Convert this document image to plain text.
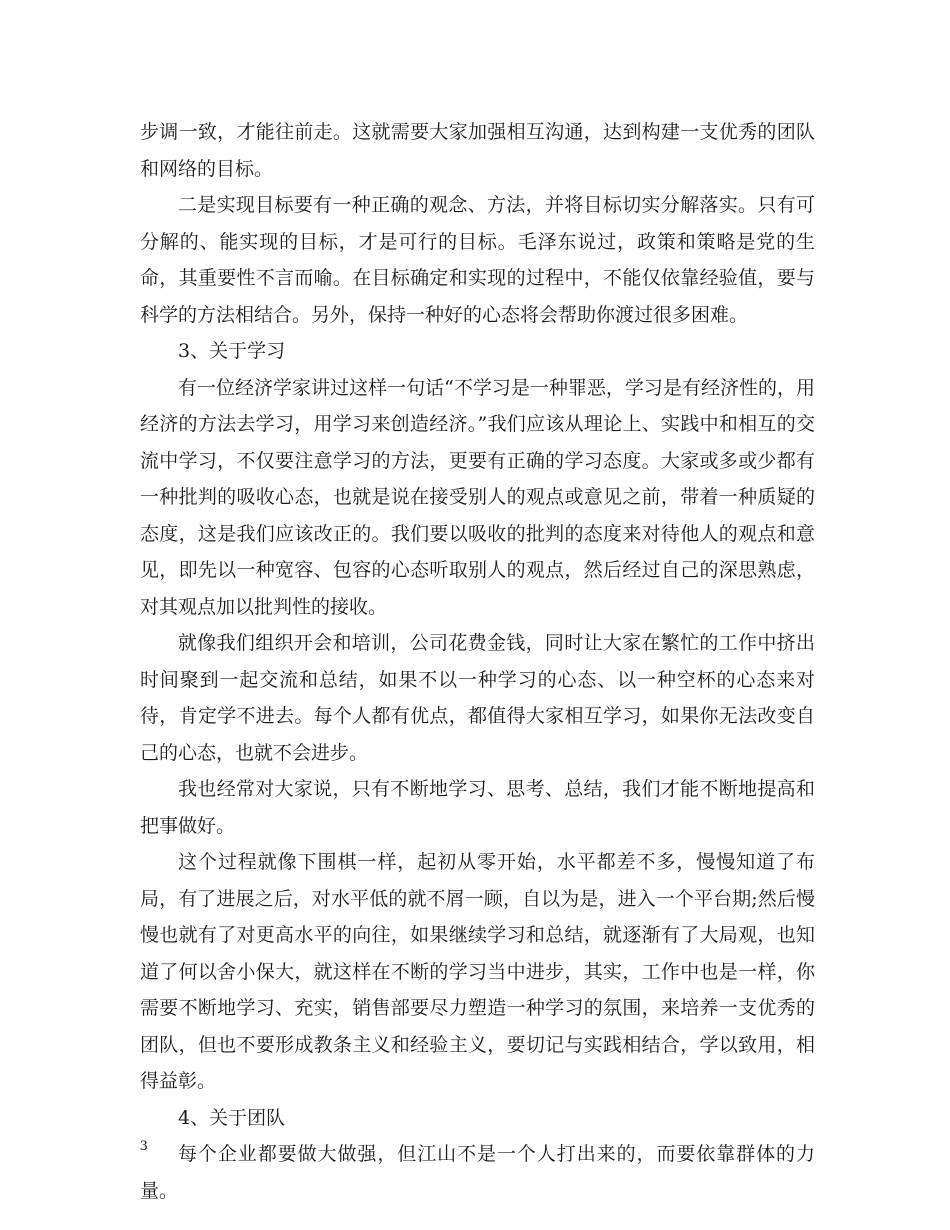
步调一致，才能往前走。这就需要大家加强相互沟通，达到构建一支优秀的团队和网络的目标。

二是实现目标要有一种正确的观念、方法，并将目标切实分解落实。只有可分解的、能实现的目标，才是可行的目标。毛泽东说过，政策和策略是党的生命，其重要性不言而喻。在目标确定和实现的过程中，不能仅依靠经验值，要与科学的方法相结合。另外，保持一种好的心态将会帮助你渡过很多困难。

3、关于学习

有一位经济学家讲过这样一句话“不学习是一种罪恶，学习是有经济性的，用经济的方法去学习，用学习来创造经济。”我们应该从理论上、实践中和相互的交流中学习，不仅要注意学习的方法，更要有正确的学习态度。大家或多或少都有一种批判的吸收心态，也就是说在接受别人的观点或意见之前，带着一种质疑的态度，这是我们应该改正的。我们要以吸收的批判的态度来对待他人的观点和意见，即先以一种宽容、包容的心态听取别人的观点，然后经过自己的深思熟虑，对其观点加以批判性的接收。

就像我们组织开会和培训，公司花费金钱，同时让大家在繁忙的工作中挤出时间聚到一起交流和总结，如果不以一种学习的心态、以一种空杯的心态来对待，肯定学不进去。每个人都有优点，都值得大家相互学习，如果你无法改变自己的心态，也就不会进步。

我也经常对大家说，只有不断地学习、思考、总结，我们才能不断地提高和把事做好。

这个过程就像下围棋一样，起初从零开始，水平都差不多，慢慢知道了布局，有了进展之后，对水平低的就不屑一顾，自以为是，进入一个平台期;然后慢慢也就有了对更高水平的向往，如果继续学习和总结，就逐渐有了大局观，也知道了何以舍小保大，就这样在不断的学习当中进步，其实，工作中也是一样，你需要不断地学习、充实，销售部要尽力塑造一种学习的氛围，来培养一支优秀的团队，但也不要形成教条主义和经验主义，要切记与实践相结合，学以致用，相得益彰。

4、关于团队

每个企业都要做大做强，但江山不是一个人打出来的，而要依靠群体的力量。

3
